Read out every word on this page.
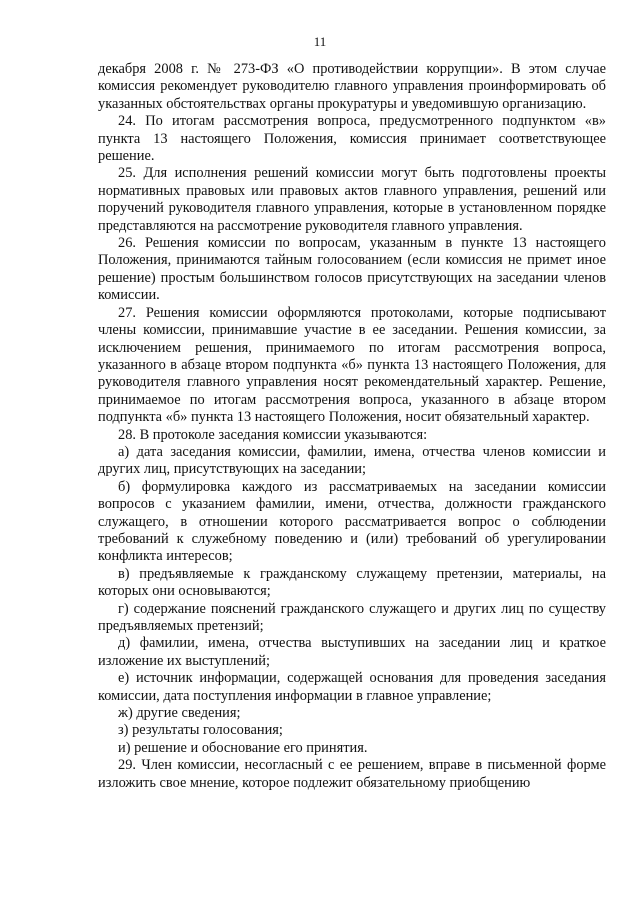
11

декабря 2008 г. № 273-ФЗ «О противодействии коррупции». В этом случае комиссия рекомендует руководителю главного управления проинформировать об указанных обстоятельствах органы прокуратуры и уведомившую организацию.

24. По итогам рассмотрения вопроса, предусмотренного подпунктом «в» пункта 13 настоящего Положения, комиссия принимает соответствующее решение.

25. Для исполнения решений комиссии могут быть подготовлены проекты нормативных правовых или правовых актов главного управления, решений или поручений руководителя главного управления, которые в установленном порядке представляются на рассмотрение руководителя главного управления.

26. Решения комиссии по вопросам, указанным в пункте 13 настоящего Положения, принимаются тайным голосованием (если комиссия не примет иное решение) простым большинством голосов присутствующих на заседании членов комиссии.

27. Решения комиссии оформляются протоколами, которые подписывают члены комиссии, принимавшие участие в ее заседании. Решения комиссии, за исключением решения, принимаемого по итогам рассмотрения вопроса, указанного в абзаце втором подпункта «б» пункта 13 настоящего Положения, для руководителя главного управления носят рекомендательный характер. Решение, принимаемое по итогам рассмотрения вопроса, указанного в абзаце втором подпункта «б» пункта 13 настоящего Положения, носит обязательный характер.

28. В протоколе заседания комиссии указываются:

а) дата заседания комиссии, фамилии, имена, отчества членов комиссии и других лиц, присутствующих на заседании;

б) формулировка каждого из рассматриваемых на заседании комиссии вопросов с указанием фамилии, имени, отчества, должности гражданского служащего, в отношении которого рассматривается вопрос о соблюдении требований к служебному поведению и (или) требований об урегулировании конфликта интересов;

в) предъявляемые к гражданскому служащему претензии, материалы, на которых они основываются;

г) содержание пояснений гражданского служащего и других лиц по существу предъявляемых претензий;

д) фамилии, имена, отчества выступивших на заседании лиц и краткое изложение их выступлений;

е) источник информации, содержащей основания для проведения заседания комиссии, дата поступления информации в главное управление;

ж) другие сведения;

з) результаты голосования;

и) решение и обоснование его принятия.

29. Член комиссии, несогласный с ее решением, вправе в письменной форме изложить свое мнение, которое подлежит обязательному приобщению
